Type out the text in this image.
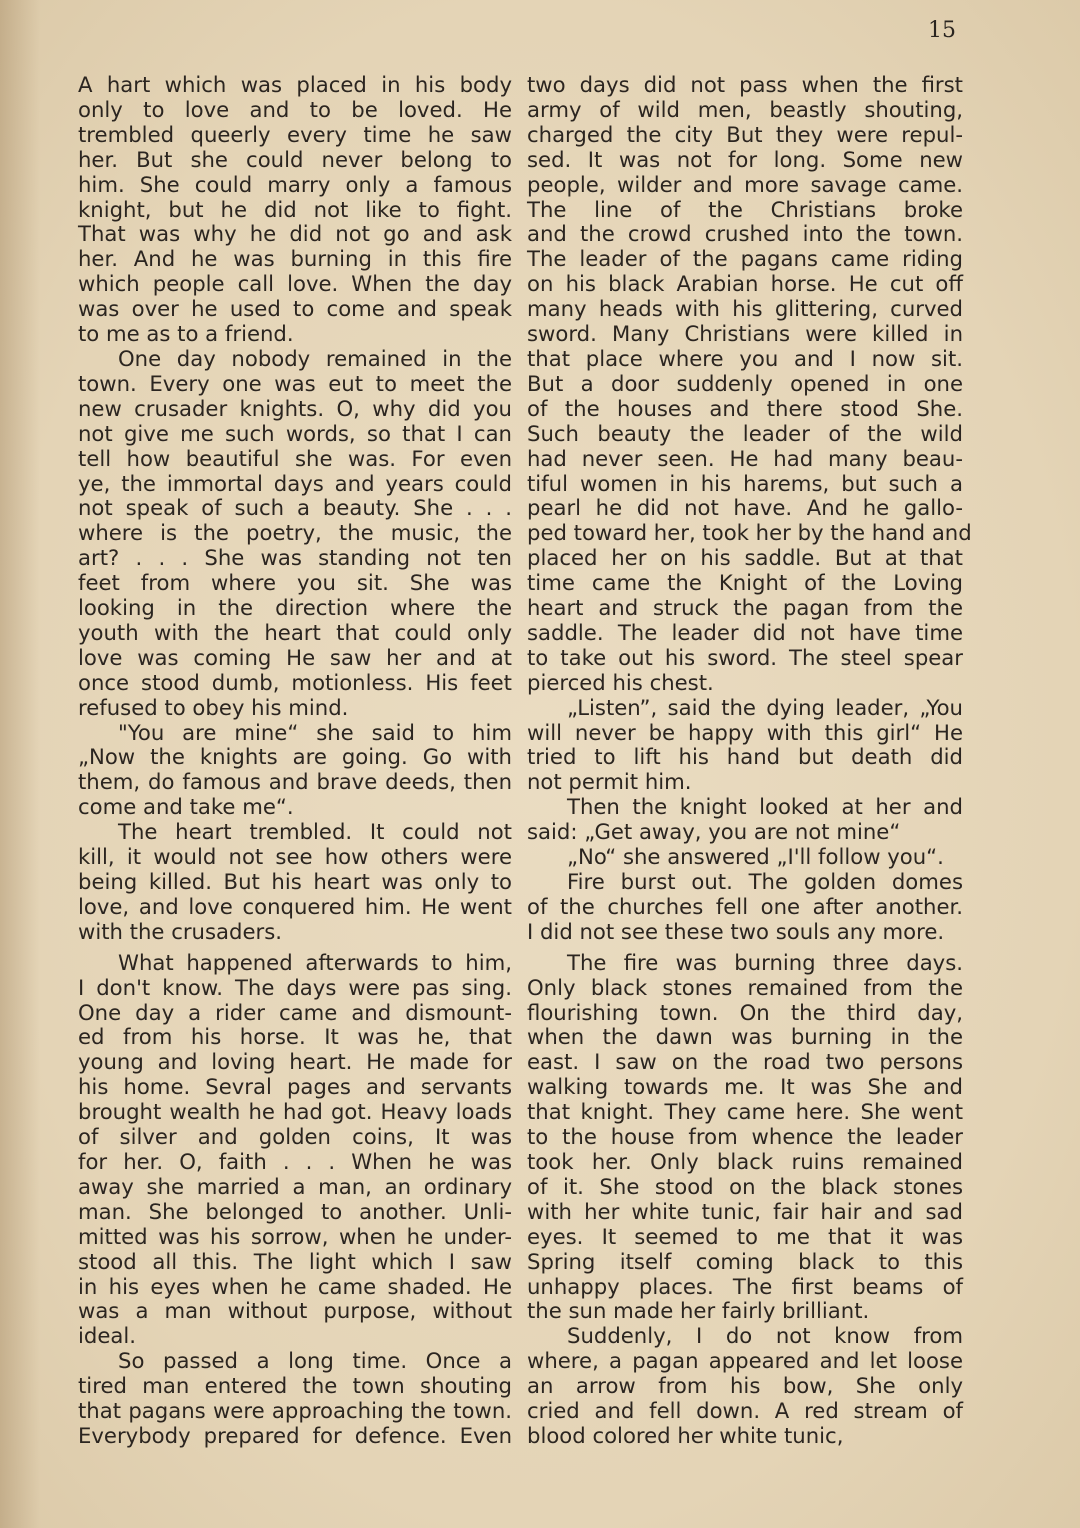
15
A hart which was placed in his body
only to love and to be loved. He
trembled queerly every time he saw
her. But she could never belong to
him. She could marry only a famous
knight, but he did not like to fight.
That was why he did not go and ask
her. And he was burning in this fire
which people call love. When the day
was over he used to come and speak
to me as to a friend.
One day nobody remained in the
town. Every one was eut to meet the
new crusader knights. O, why did you
not give me such words, so that I can
tell how beautiful she was. For even
ye, the immortal days and years could
not speak of such a beauty. She . . .
where is the poetry, the music, the
art? . . . She was standing not ten
feet from where you sit. She was
looking in the direction where the
youth with the heart that could only
love was coming He saw her and at
once stood dumb, motionless. His feet
refused to obey his mind.
"You are mine“ she said to him
„Now the knights are going. Go with
them, do famous and brave deeds, then
come and take me“.
The heart trembled. It could not
kill, it would not see how others were
being killed. But his heart was only to
love, and love conquered him. He went
with the crusaders.
What happened afterwards to him,
I don't know. The days were pas sing.
One day a rider came and dismount-
ed from his horse. It was he, that
young and loving heart. He made for
his home. Sevral pages and servants
brought wealth he had got. Heavy loads
of silver and golden coins, It was
for her. O, faith . . . When he was
away she married a man, an ordinary
man. She belonged to another. Unli-
mitted was his sorrow, when he under-
stood all this. The light which I saw
in his eyes when he came shaded. He
was a man without purpose, without
ideal.
So passed a long time. Once a
tired man entered the town shouting
that pagans were approaching the town.
Everybody prepared for defence. Even
two days did not pass when the first
army of wild men, beastly shouting,
charged the city But they were repul-
sed. It was not for long. Some new
people, wilder and more savage came.
The line of the Christians broke
and the crowd crushed into the town.
The leader of the pagans came riding
on his black Arabian horse. He cut off
many heads with his glittering, curved
sword. Many Christians were killed in
that place where you and I now sit.
But a door suddenly opened in one
of the houses and there stood She.
Such beauty the leader of the wild
had never seen. He had many beau-
tiful women in his harems, but such a
pearl he did not have. And he gallo-
ped toward her, took her by the hand and
placed her on his saddle. But at that
time came the Knight of the Loving
heart and struck the pagan from the
saddle. The leader did not have time
to take out his sword. The steel spear
pierced his chest.
„Listen”, said the dying leader, „You
will never be happy with this girl“ He
tried to lift his hand but death did
not permit him.
Then the knight looked at her and
said: „Get away, you are not mine“
„No“ she answered „I'll follow you“.
Fire burst out. The golden domes
of the churches fell one after another.
I did not see these two souls any more.
The fire was burning three days.
Only black stones remained from the
flourishing town. On the third day,
when the dawn was burning in the
east. I saw on the road two persons
walking towards me. It was She and
that knight. They came here. She went
to the house from whence the leader
took her. Only black ruins remained
of it. She stood on the black stones
with her white tunic, fair hair and sad
eyes. It seemed to me that it was
Spring itself coming black to this
unhappy places. The first beams of
the sun made her fairly brilliant.
Suddenly, I do not know from
where, a pagan appeared and let loose
an arrow from his bow, She only
cried and fell down. A red stream of
blood colored her white tunic,
